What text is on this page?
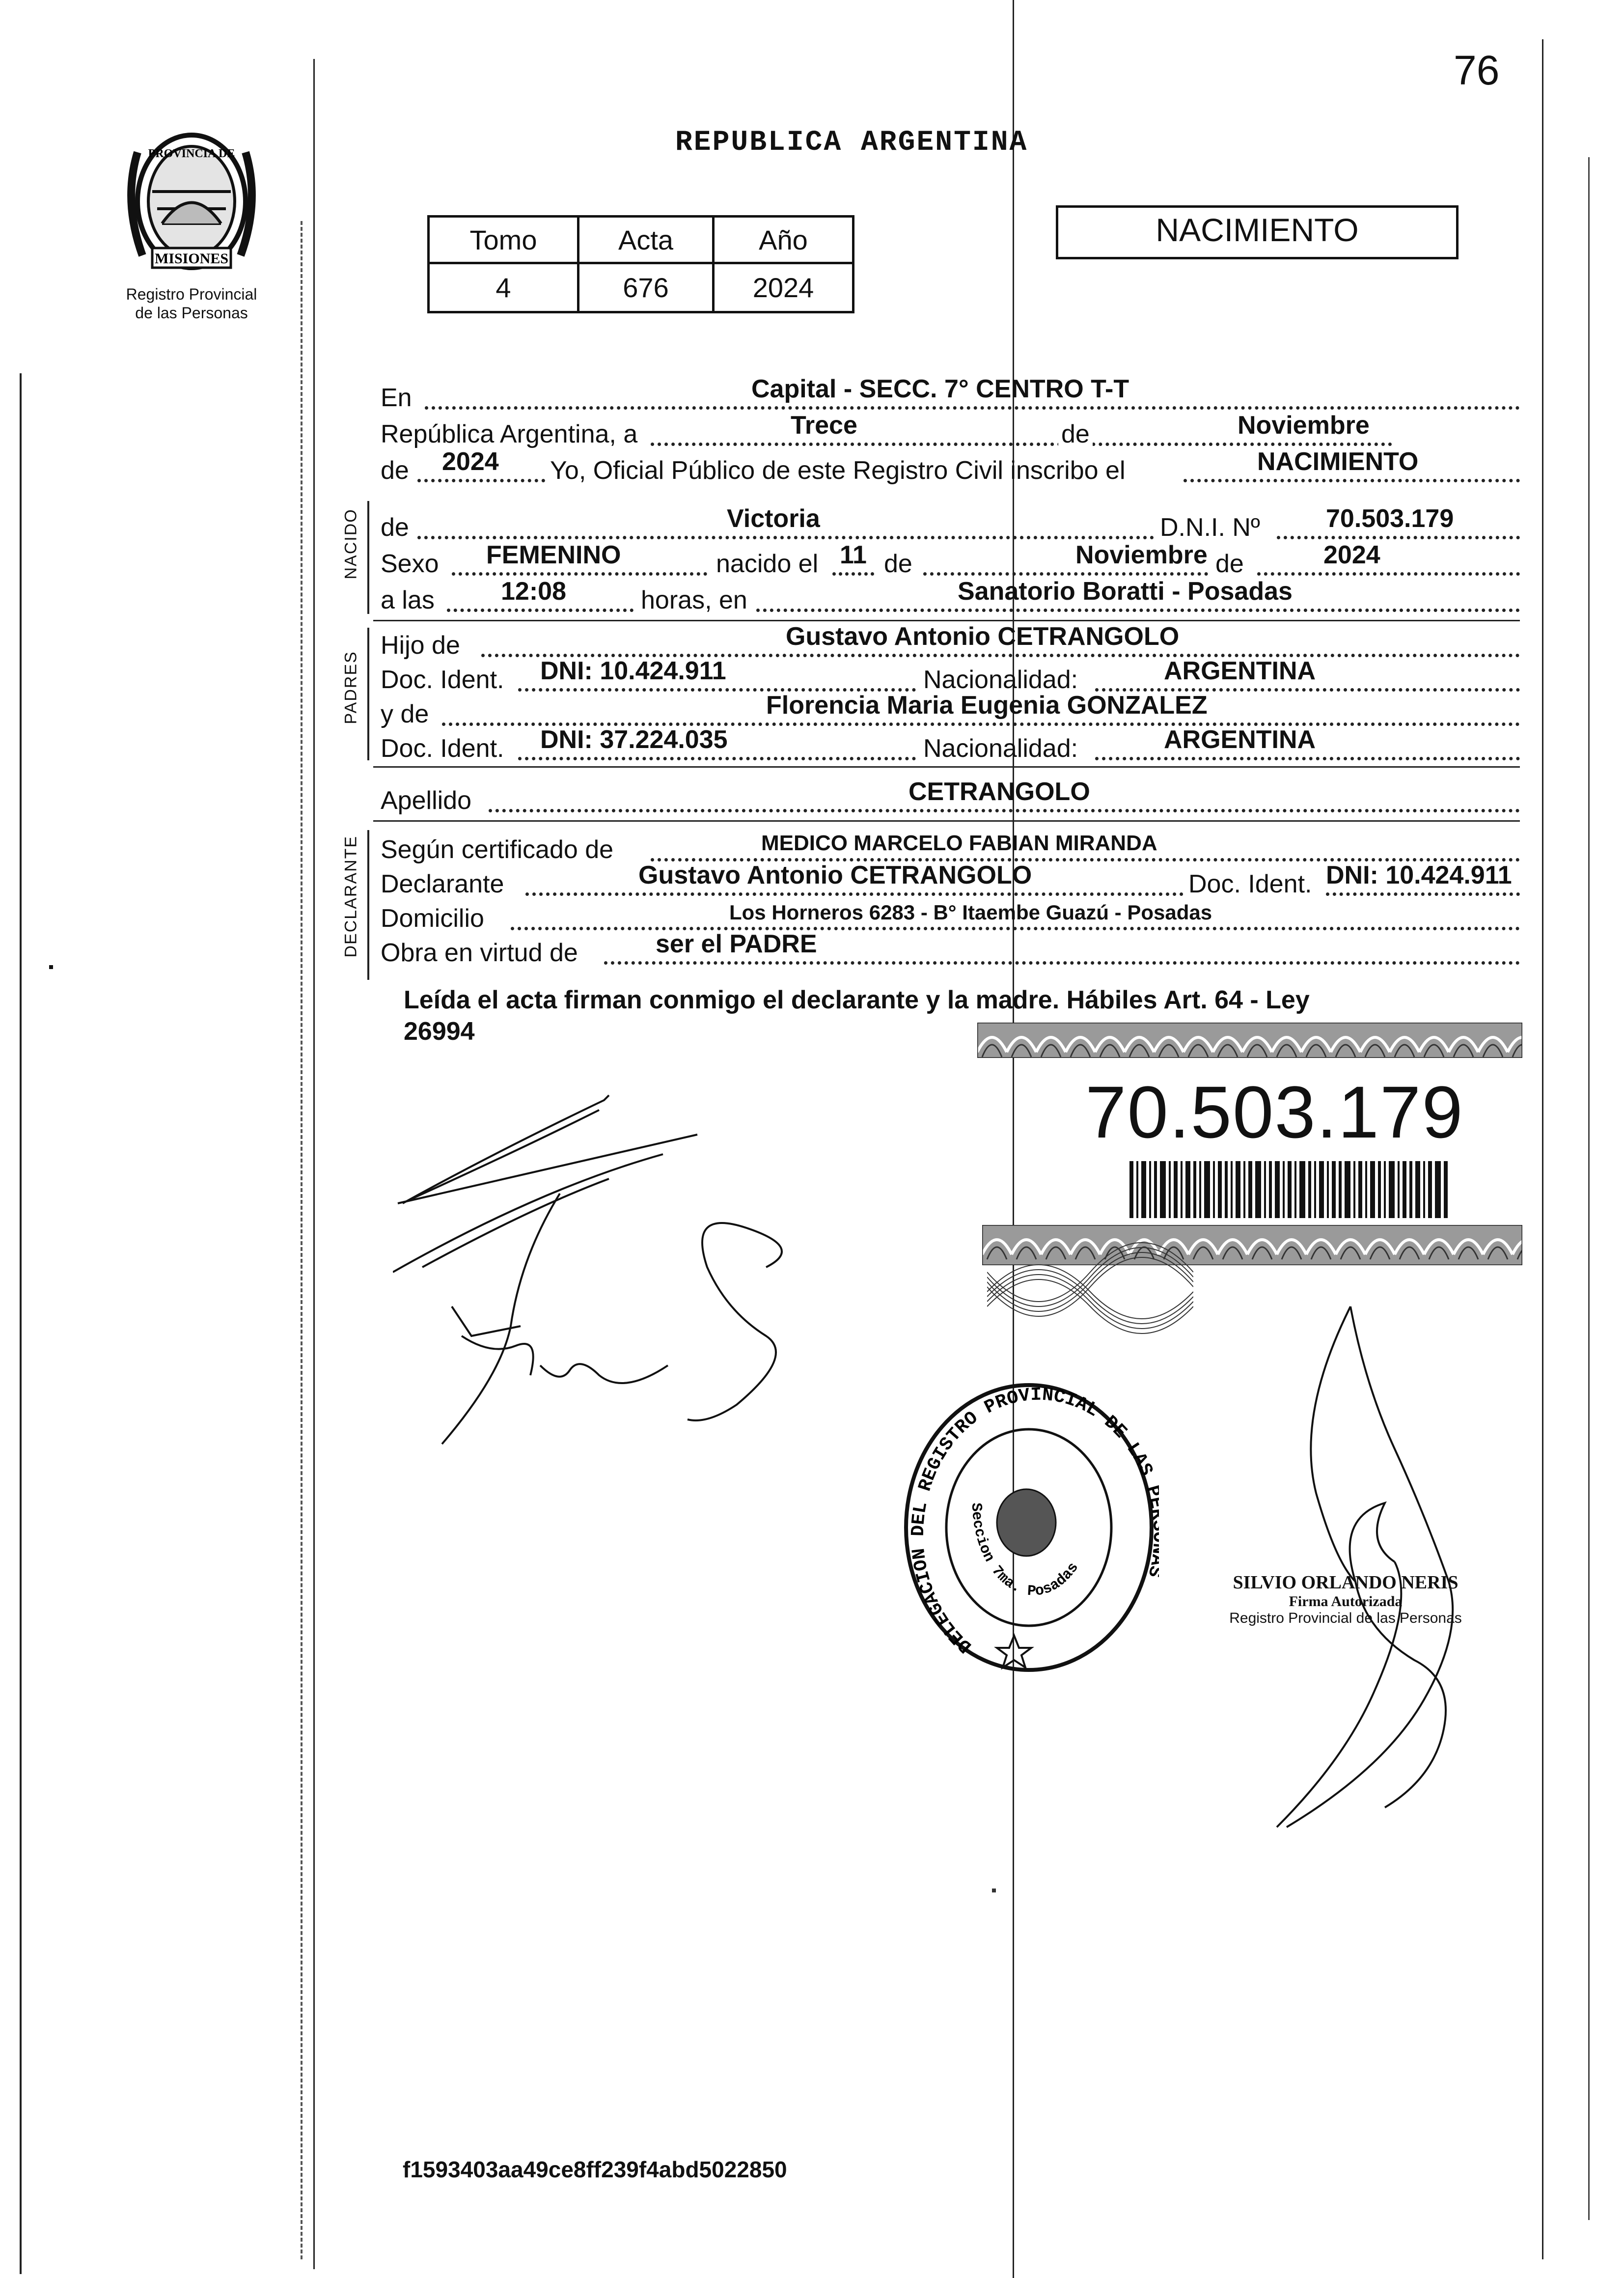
76
MISIONES
PROVINCIA DE
Registro Provincial
de las Personas
REPUBLICA ARGENTINA
Tomo	Acta	Año
4	676	2024
NACIMIENTO
En	Capital - SECC. 7° CENTRO T-T
República Argentina, a	Trece	de	Noviembre
de 2024 Yo, Oficial Público de este Registro Civil inscribo el	NACIMIENTO
de	Victoria	D.N.I. Nº	70.503.179
Sexo FEMENINO	nacido el 11 de	Noviembre de	2024
a las	12:08	horas, en	Sanatorio Boratti - Posadas
Hijo de	Gustavo Antonio CETRANGOLO
Doc. Ident. DNI: 10.424.911	Nacionalidad:	ARGENTINA
y de	Florencia Maria Eugenia GONZALEZ
Doc. Ident. DNI: 37.224.035	Nacionalidad:	ARGENTINA
Apellido	CETRANGOLO
Según certificado de	MEDICO MARCELO FABIAN MIRANDA
Declarante	Gustavo Antonio CETRANGOLO	Doc. Ident. DNI: 10.424.911
Domicilio	Los Horneros 6283 - B° Itaembe Guazú - Posadas
Obra en virtud de	ser el PADRE
NACIDO
PADRES
DECLARANTE
Leída el acta firman conmigo el declarante y la madre. Hábiles Art. 64 - Ley
26994
70.503.179
DELEGACION DEL REGISTRO PROVINCIAL DE LAS
Seccion 7ma. Posadas
SILVIO ORLANDO NERIS
Firma Autorizada
Registro Provincial de las Personas
f1593403aa49ce8ff239f4abd5022850
